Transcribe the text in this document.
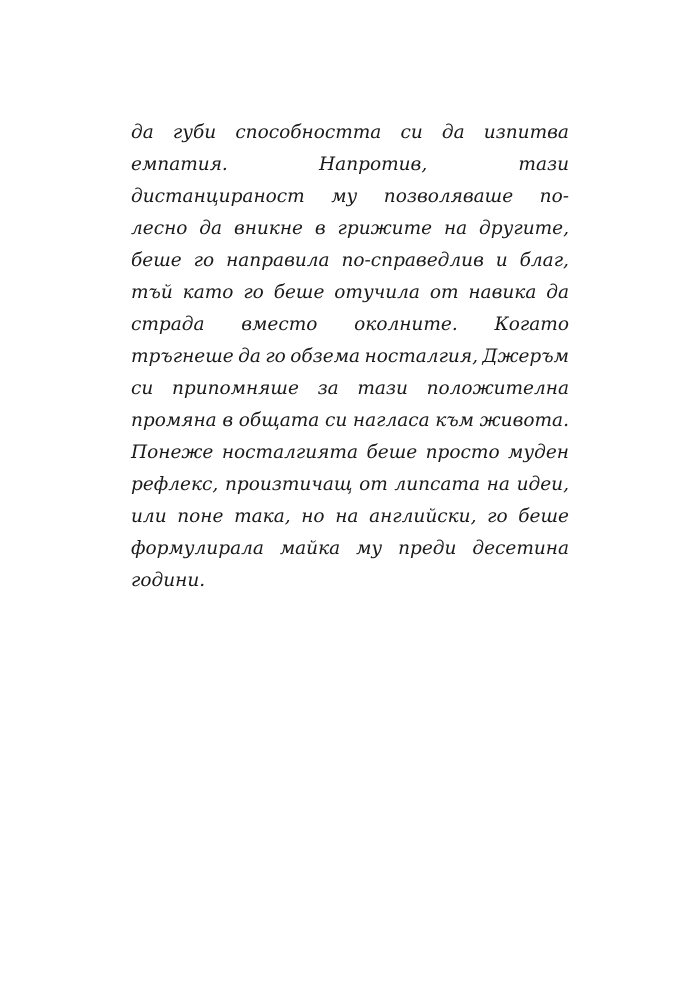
да губи способността си да изпитва
емпатия.	Напротив,	тази
дистанцираност му позволяваше по-
лесно да вникне в грижите на другите,
беше го направила по-справедлив и благ,
тъй като го беше отучила от навика да
страда вместо околните. Когато
тръгнеше да го обзема носталгия, Джеръм
си припомняше за тази положителна
промяна в общата си нагласа към живота.
Понеже носталгията беше просто муден
рефлекс, произтичащ от липсата на идеи,
или поне така, но на английски, го беше
формулирала майка му преди десетина
години.
